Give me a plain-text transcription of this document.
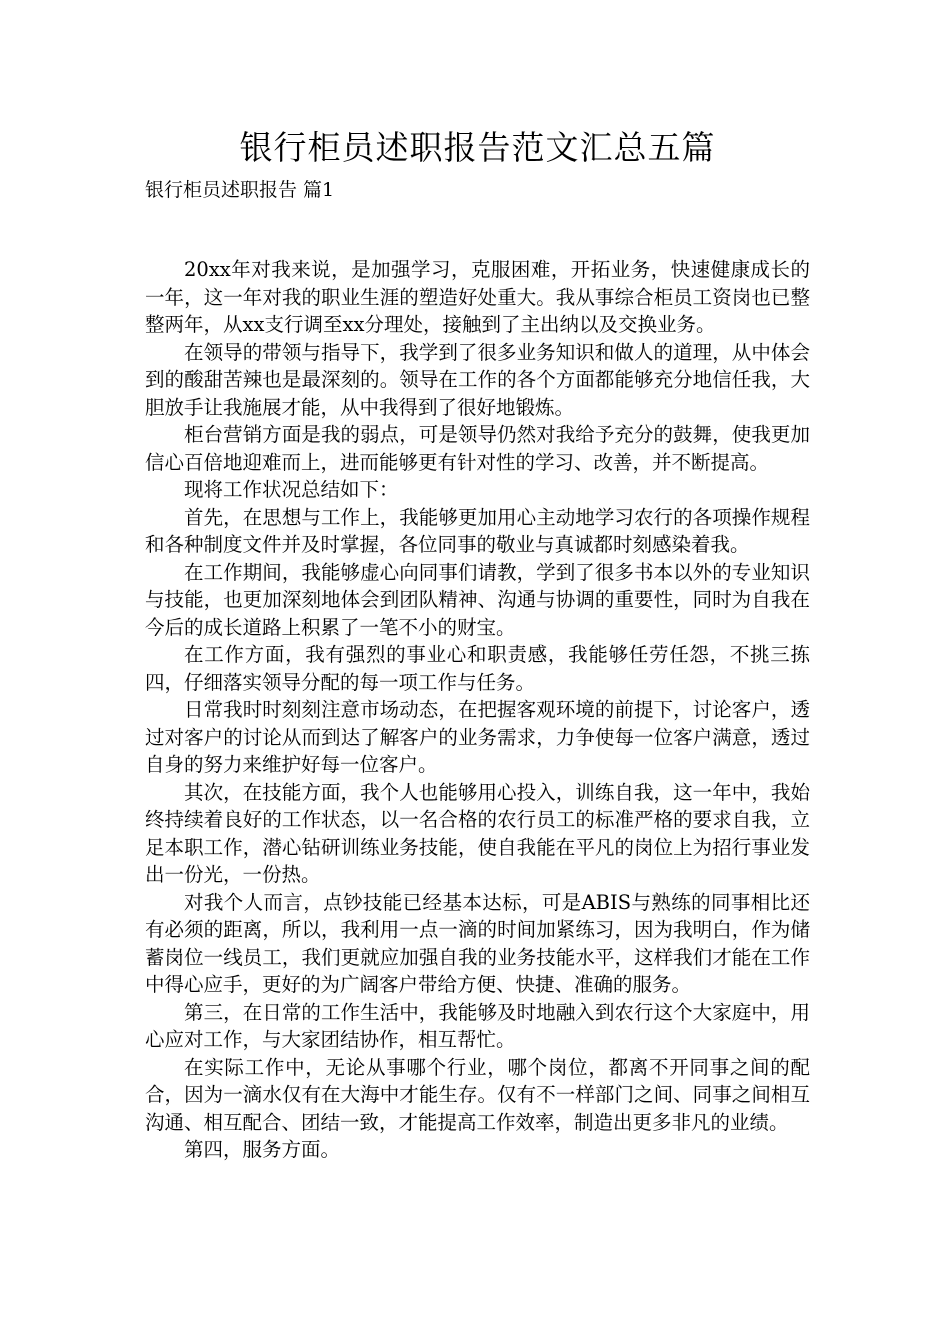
银行柜员述职报告范文汇总五篇
银行柜员述职报告 篇1

20xx年对我来说，是加强学习，克服困难，开拓业务，快速健康成长的一年，这一年对我的职业生涯的塑造好处重大。我从事综合柜员工资岗也已整整两年，从xx支行调至xx分理处，接触到了主出纳以及交换业务。

在领导的带领与指导下，我学到了很多业务知识和做人的道理，从中体会到的酸甜苦辣也是最深刻的。领导在工作的各个方面都能够充分地信任我，大胆放手让我施展才能，从中我得到了很好地锻炼。

柜台营销方面是我的弱点，可是领导仍然对我给予充分的鼓舞，使我更加信心百倍地迎难而上，进而能够更有针对性的学习、改善，并不断提高。

现将工作状况总结如下：

首先，在思想与工作上，我能够更加用心主动地学习农行的各项操作规程和各种制度文件并及时掌握，各位同事的敬业与真诚都时刻感染着我。

在工作期间，我能够虚心向同事们请教，学到了很多书本以外的专业知识与技能，也更加深刻地体会到团队精神、沟通与协调的重要性，同时为自我在今后的成长道路上积累了一笔不小的财宝。

在工作方面，我有强烈的事业心和职责感，我能够任劳任怨，不挑三拣四，仔细落实领导分配的每一项工作与任务。

日常我时时刻刻注意市场动态，在把握客观环境的前提下，讨论客户，透过对客户的讨论从而到达了解客户的业务需求，力争使每一位客户满意，透过自身的努力来维护好每一位客户。

其次，在技能方面，我个人也能够用心投入，训练自我，这一年中，我始终持续着良好的工作状态，以一名合格的农行员工的标准严格的要求自我，立足本职工作，潜心钻研训练业务技能，使自我能在平凡的岗位上为招行事业发出一份光，一份热。

对我个人而言，点钞技能已经基本达标，可是ABIS与熟练的同事相比还有必须的距离，所以，我利用一点一滴的时间加紧练习，因为我明白，作为储蓄岗位一线员工，我们更就应加强自我的业务技能水平，这样我们才能在工作中得心应手，更好的为广阔客户带给方便、快捷、准确的服务。

第三，在日常的工作生活中，我能够及时地融入到农行这个大家庭中，用心应对工作，与大家团结协作，相互帮忙。

在实际工作中，无论从事哪个行业，哪个岗位，都离不开同事之间的配合，因为一滴水仅有在大海中才能生存。仅有不一样部门之间、同事之间相互沟通、相互配合、团结一致，才能提高工作效率，制造出更多非凡的业绩。

第四，服务方面。
